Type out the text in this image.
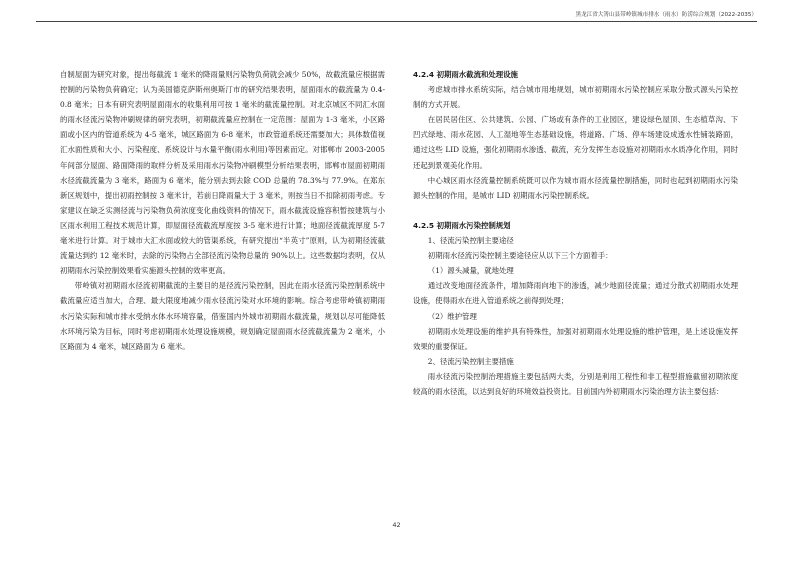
黑龙江省大箐山县带岭镇城市排水（雨水）防涝综合规划（2022-2035）

自制屋面为研究对象，提出每截流 1 毫米的降雨量则污染物负荷就会减少 50%，故截流量应根据需控制的污染物负荷确定；认为美国德克萨斯州奥斯汀市的研究结果表明，屋面雨水的截流量为 0.4-0.8 毫米；日本有研究表明屋面雨水的收集利用可按 1 毫米的截流量控制。对北京城区不同汇水面的雨水径流污染物冲刷规律的研究表明，初期截流量应控制在一定范围：屋面为 1-3 毫米，小区路面或小区内的管道系统为 4-5 毫米，城区路面为 6-8 毫米，市政管道系统还需要加大；具体数值视汇水面性质和大小、污染程度、系统设计与水量平衡(雨水利用)等因素而定。对邯郸市 2003-2005 年间部分屋面、路面降雨的取样分析及采用雨水污染物冲刷模型分析结果表明，邯郸市屋面初期雨水径流截流量为 3 毫米，路面为 6 毫米，能分别去到去除 COD 总量的 78.3%与 77.9%。在郑东新区规划中，提出初雨控制按 3 毫米计，若前日降雨量大于 3 毫米，则按当日不扣除初雨考虑。专家建议在缺乏实测径流与污染物负荷浓度变化曲线资料的情况下，雨水截流设施容积暂按建筑与小区雨水利用工程技术规范计算，即屋面径流截流厚度按 3-5 毫米进行计算；地面径流截流厚度 5-7 毫米进行计算。对于城市大汇水面或较大的管渠系统，有研究提出“半英寸”原则，认为初期径流截流量达到约 12 毫米时，去除的污染物占全部径流污染物总量的 90%以上。这些数据均表明，仅从初期雨水污染控制效果看实施源头控制的效率更高。

带岭镇对初期雨水径流初期截流的主要目的是径流污染控制，因此在雨水径流污染控制系统中截流量应适当加大，合理、最大限度地减少雨水径流污染对水环境的影响。综合考虑带岭镇初期雨水污染实际和城市排水受纳水体水环境容量，借鉴国内外城市初期雨水截流量，规划以尽可能降低水环境污染为目标，同时考虑初期雨水处理设施规模，规划确定屋面雨水径流截流量为 2 毫米，小区路面为 4 毫米，城区路面为 6 毫米。

4.2.4 初期雨水截流和处理设施

考虑城市排水系统实际，结合城市用地规划，城市初期雨水污染控制应采取分散式源头污染控制的方式开展。

在居民居住区、公共建筑、公园、广场或有条件的工业园区，建设绿色屋顶、生态植草沟、下凹式绿地、雨水花园、人工湿地等生态基础设施，将道路、广场、停车场建设成透水性铺装路面，通过这些 LID 设施，强化初期雨水渗透、截流，充分发挥生态设施对初期雨水水质净化作用，同时还起到景观美化作用。

中心城区雨水径流量控制系统既可以作为城市雨水径流量控制措施，同时也起到初期雨水污染源头控制的作用，是城市 LID 初期雨水污染控制系统。

4.2.5 初期雨水污染控制规划

1、径流污染控制主要途径

初期雨水径流污染控制主要途径应从以下三个方面着手：

（1）源头减量，就地处理

通过改变地面径流条件，增加降雨向地下的渗透，减少地面径流量；通过分散式初期雨水处理设施，使得雨水在进入管道系统之前得到处理；

（2）维护管理

初期雨水处理设施的维护具有特殊性，加强对初期雨水处理设施的维护管理，是上述设施发挥效果的重要保证。

2、径流污染控制主要措施

雨水径流污染控制治理措施主要包括两大类，分别是利用工程性和非工程型措施截留初期浓度较高的雨水径流，以达到良好的环境效益投资比。目前国内外初期雨水污染治理方法主要包括：

42
